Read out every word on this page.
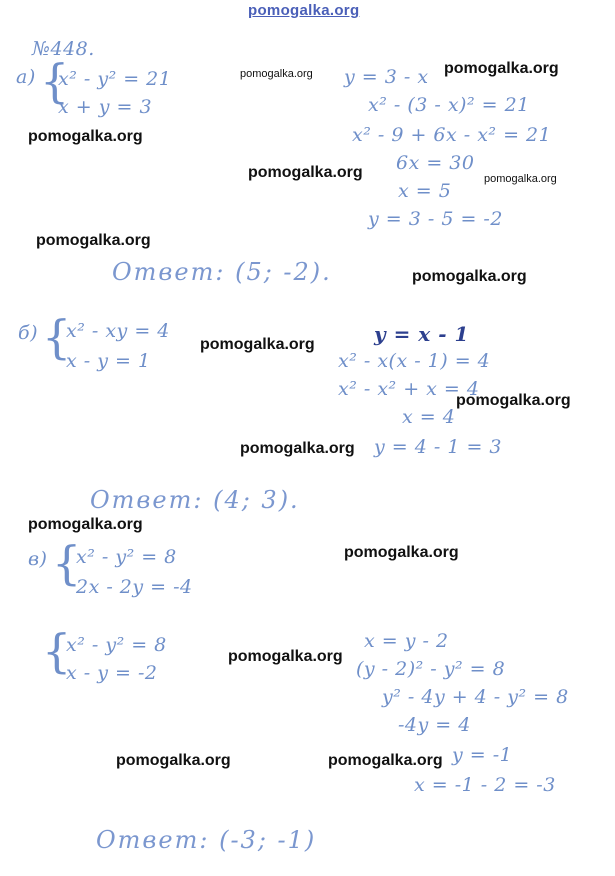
pomogalka.org
№448.
а) {
x² - y² = 21
x + y = 3
y = 3 - x
x² - (3 - x)² = 21
x² - 9 + 6x - x² = 21
6x = 30
x = 5
y = 3 - 5 = -2
Ответ: (5; -2).
б) {
x² - xy = 4
x - y = 1
y = x - 1
x² - x(x - 1) = 4
x² - x² + x = 4
x = 4
y = 4 - 1 = 3
Ответ: (4; 3).
в) {
x² - y² = 8
2x - 2y = -4
{
x² - y² = 8
x - y = -2
x = y - 2
(y - 2)² - y² = 8
y² - 4y + 4 - y² = 8
-4y = 4
y = -1
x = -1 - 2 = -3
Ответ: (-3; -1)
pomogalka.org	pomogalka.org
pomogalka.org
pomogalka.org	pomogalka.org
pomogalka.org
pomogalka.org
pomogalka.org
pomogalka.org
pomogalka.org
pomogalka.org
pomogalka.org
pomogalka.org
pomogalka.org	pomogalka.org
